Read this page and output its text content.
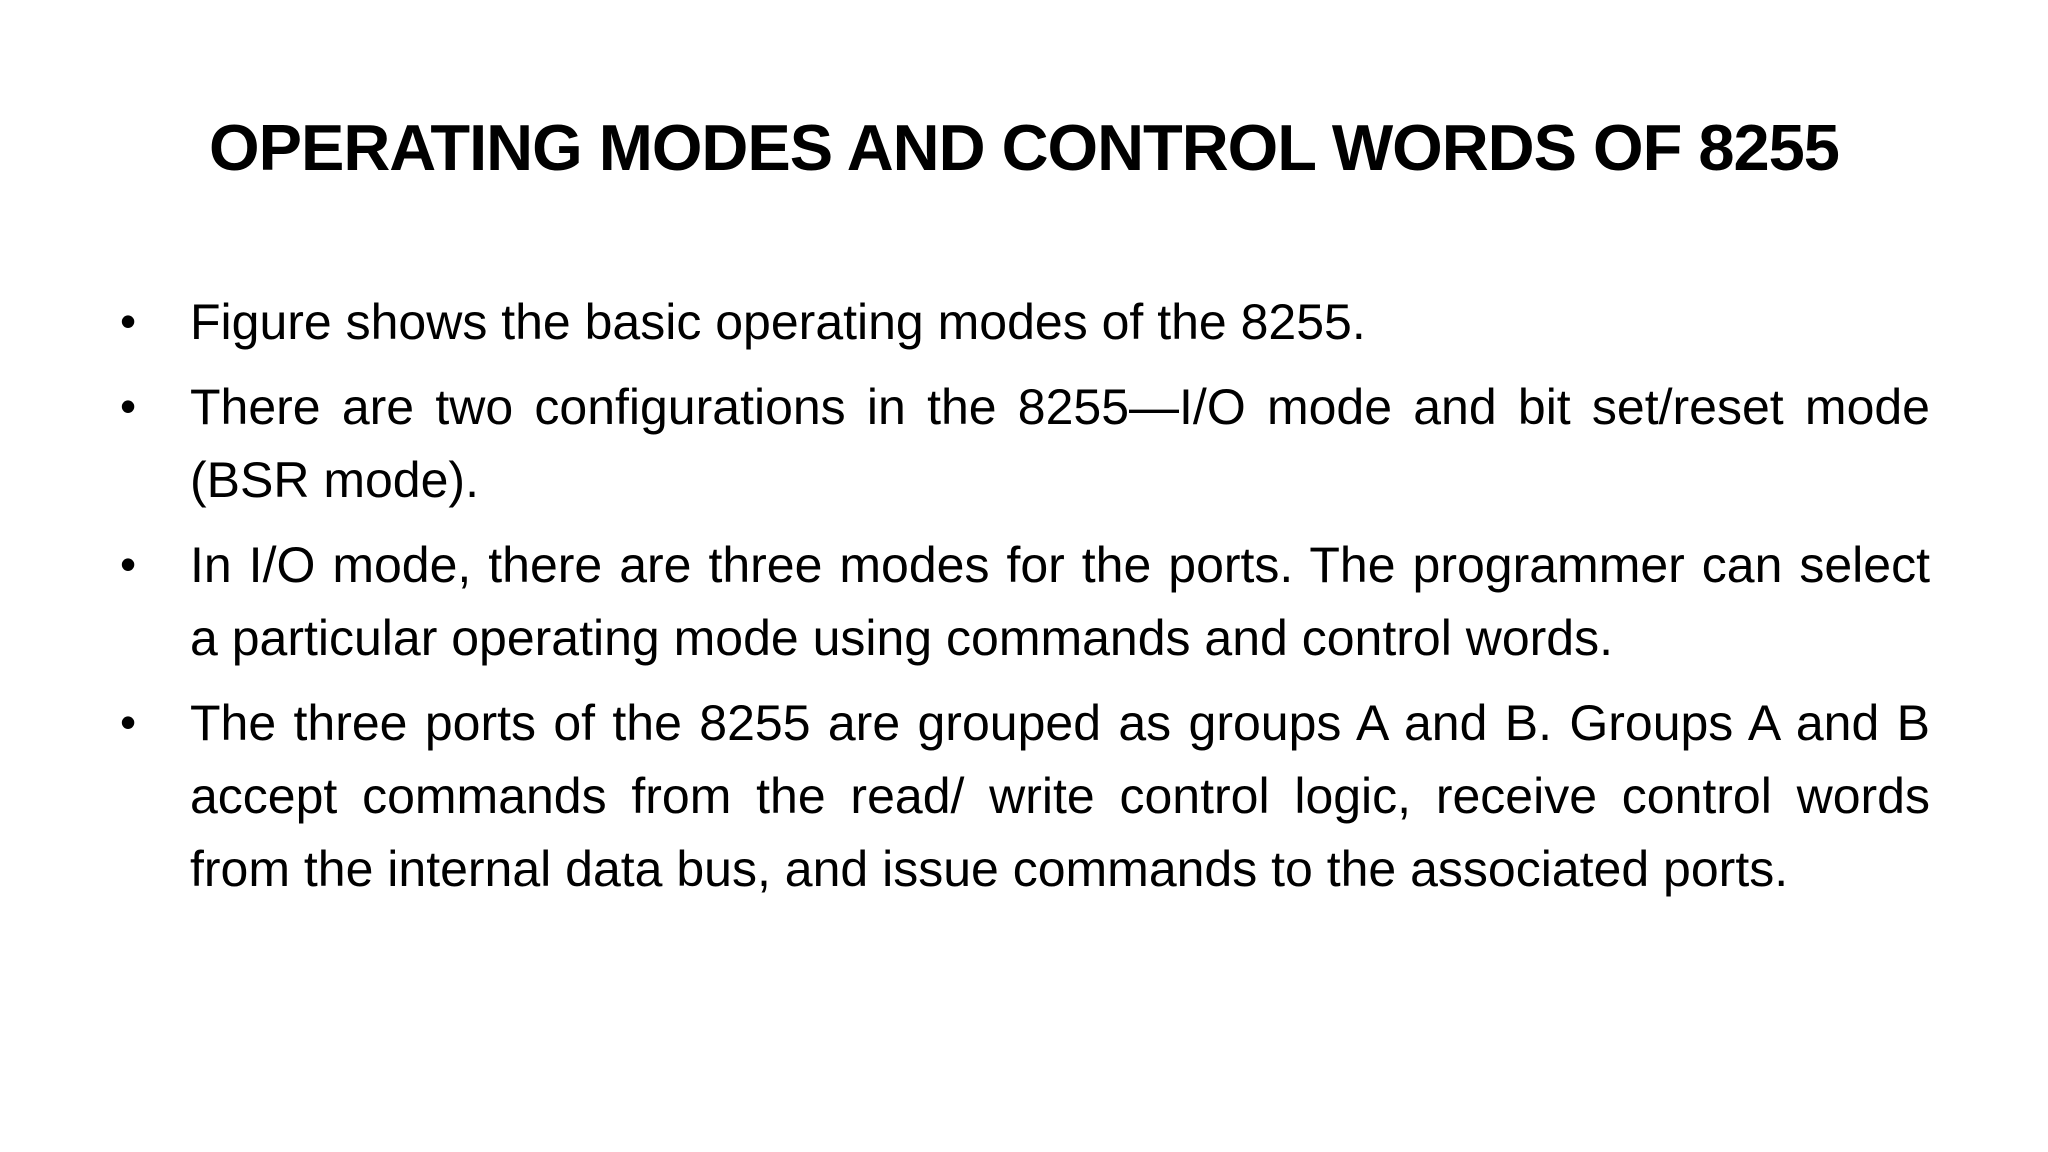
OPERATING MODES AND CONTROL WORDS OF 8255
• Figure shows the basic operating modes of the 8255.
• There are two configurations in the 8255—I/O mode and bit set/reset mode (BSR mode).
• In I/O mode, there are three modes for the ports. The programmer can select a particular operating mode using commands and control words.
• The three ports of the 8255 are grouped as groups A and B. Groups A and B accept commands from the read/ write control logic, receive control words from the internal data bus, and issue commands to the associated ports.
